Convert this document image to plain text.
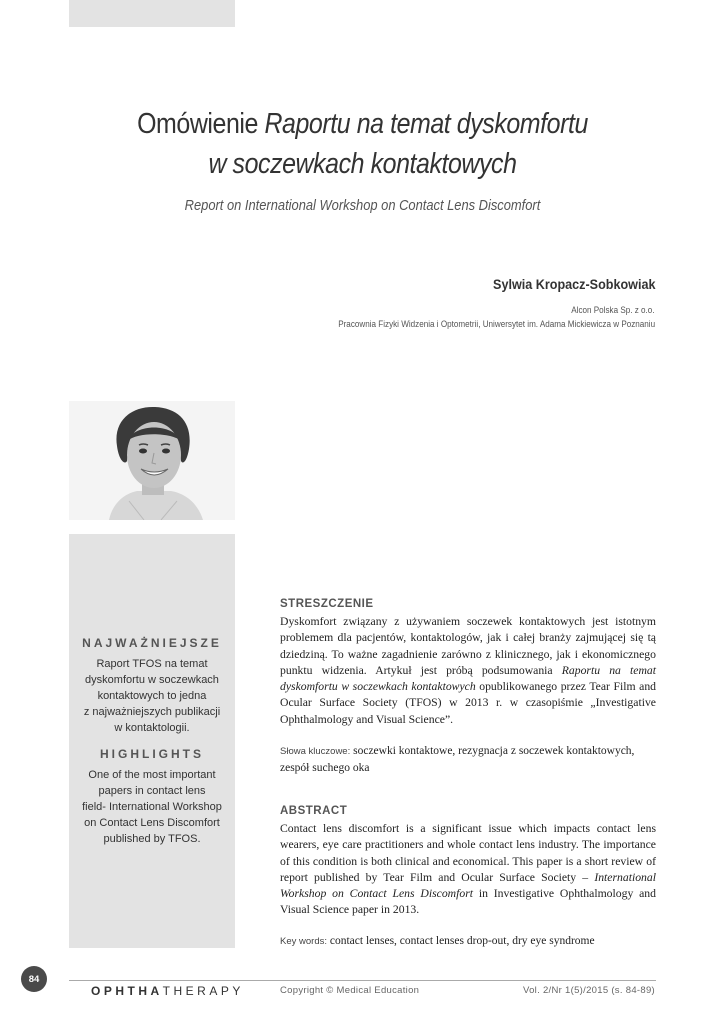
Omówienie Raportu na temat dyskomfortu
w soczewkach kontaktowych
Report on International Workshop on Contact Lens Discomfort
Sylwia Kropacz-Sobkowiak
Alcon Polska Sp. z o.o.
Pracownia Fizyki Widzenia i Optometrii, Uniwersytet im. Adama Mickiewicza w Poznaniu
NAJWAŻNIEJSZE
Raport TFOS na temat
dyskomfortu w soczewkach
kontaktowych to jedna
z najważniejszych publikacji
w kontaktologii.
HIGHLIGHTS
One of the most important
papers in contact lens
field- International Workshop
on Contact Lens Discomfort
published by TFOS.
STRESZCZENIE
Dyskomfort związany z używaniem soczewek kontaktowych jest istotnym problemem dla pacjentów, kontaktologów, jak i całej branży zajmującej się tą dziedziną. To ważne zagadnienie zarówno z klinicznego, jak i ekonomicznego punktu widzenia. Artykuł jest próbą podsumowania Raportu na temat dyskomfortu w soczewkach kontaktowych opublikowanego przez Tear Film and Ocular Surface Society (TFOS) w 2013 r. w czasopiśmie „Investigative Ophthalmology and Visual Science”.
Słowa kluczowe: soczewki kontaktowe, rezygnacja z soczewek kontaktowych, zespół suchego oka
ABSTRACT
Contact lens discomfort is a significant issue which impacts contact lens wearers, eye care practitioners and whole contact lens industry. The importance of this condition is both clinical and economical. This paper is a short review of report published by Tear Film and Ocular Surface Society – International Workshop on Contact Lens Discomfort in Investigative Ophthalmology and Visual Science paper in 2013.
Key words: contact lenses, contact lenses drop-out, dry eye syndrome
84
OPHTHATHERAPY	Copyright © Medical Education	Vol. 2/Nr 1(5)/2015 (s. 84-89)
